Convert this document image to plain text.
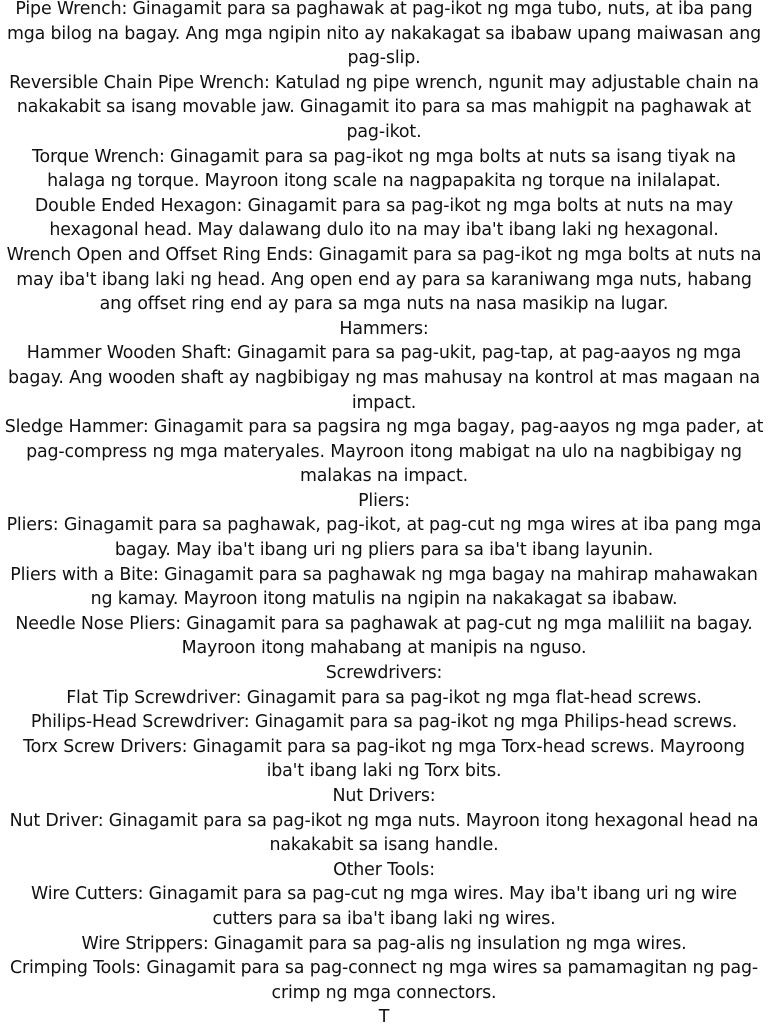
Pipe Wrench: Ginagamit para sa paghawak at pag-ikot ng mga tubo, nuts, at iba pang mga bilog na bagay. Ang mga ngipin nito ay nakakagat sa ibabaw upang maiwasan ang pag-slip.

Reversible Chain Pipe Wrench: Katulad ng pipe wrench, ngunit may adjustable chain na nakakabit sa isang movable jaw. Ginagamit ito para sa mas mahigpit na paghawak at pag-ikot.

Torque Wrench: Ginagamit para sa pag-ikot ng mga bolts at nuts sa isang tiyak na halaga ng torque. Mayroon itong scale na nagpapakita ng torque na inilalapat.

Double Ended Hexagon: Ginagamit para sa pag-ikot ng mga bolts at nuts na may hexagonal head. May dalawang dulo ito na may iba't ibang laki ng hexagonal.

Wrench Open and Offset Ring Ends: Ginagamit para sa pag-ikot ng mga bolts at nuts na may iba't ibang laki ng head. Ang open end ay para sa karaniwang mga nuts, habang ang offset ring end ay para sa mga nuts na nasa masikip na lugar.

Hammers:

Hammer Wooden Shaft: Ginagamit para sa pag-ukit, pag-tap, at pag-aayos ng mga bagay. Ang wooden shaft ay nagbibigay ng mas mahusay na kontrol at mas magaan na impact.

Sledge Hammer: Ginagamit para sa pagsira ng mga bagay, pag-aayos ng mga pader, at pag-compress ng mga materyales. Mayroon itong mabigat na ulo na nagbibigay ng malakas na impact.

Pliers:

Pliers: Ginagamit para sa paghawak, pag-ikot, at pag-cut ng mga wires at iba pang mga bagay. May iba't ibang uri ng pliers para sa iba't ibang layunin.

Pliers with a Bite: Ginagamit para sa paghawak ng mga bagay na mahirap mahawakan ng kamay. Mayroon itong matulis na ngipin na nakakagat sa ibabaw.

Needle Nose Pliers: Ginagamit para sa paghawak at pag-cut ng mga maliliit na bagay. Mayroon itong mahabang at manipis na nguso.

Screwdrivers:

Flat Tip Screwdriver: Ginagamit para sa pag-ikot ng mga flat-head screws.

Philips-Head Screwdriver: Ginagamit para sa pag-ikot ng mga Philips-head screws.

Torx Screw Drivers: Ginagamit para sa pag-ikot ng mga Torx-head screws. Mayroong iba't ibang laki ng Torx bits.

Nut Drivers:

Nut Driver: Ginagamit para sa pag-ikot ng mga nuts. Mayroon itong hexagonal head na nakakabit sa isang handle.

Other Tools:

Wire Cutters: Ginagamit para sa pag-cut ng mga wires. May iba't ibang uri ng wire cutters para sa iba't ibang laki ng wires.

Wire Strippers: Ginagamit para sa pag-alis ng insulation ng mga wires.

Crimping Tools: Ginagamit para sa pag-connect ng mga wires sa pamamagitan ng pag-crimp ng mga connectors.

T
